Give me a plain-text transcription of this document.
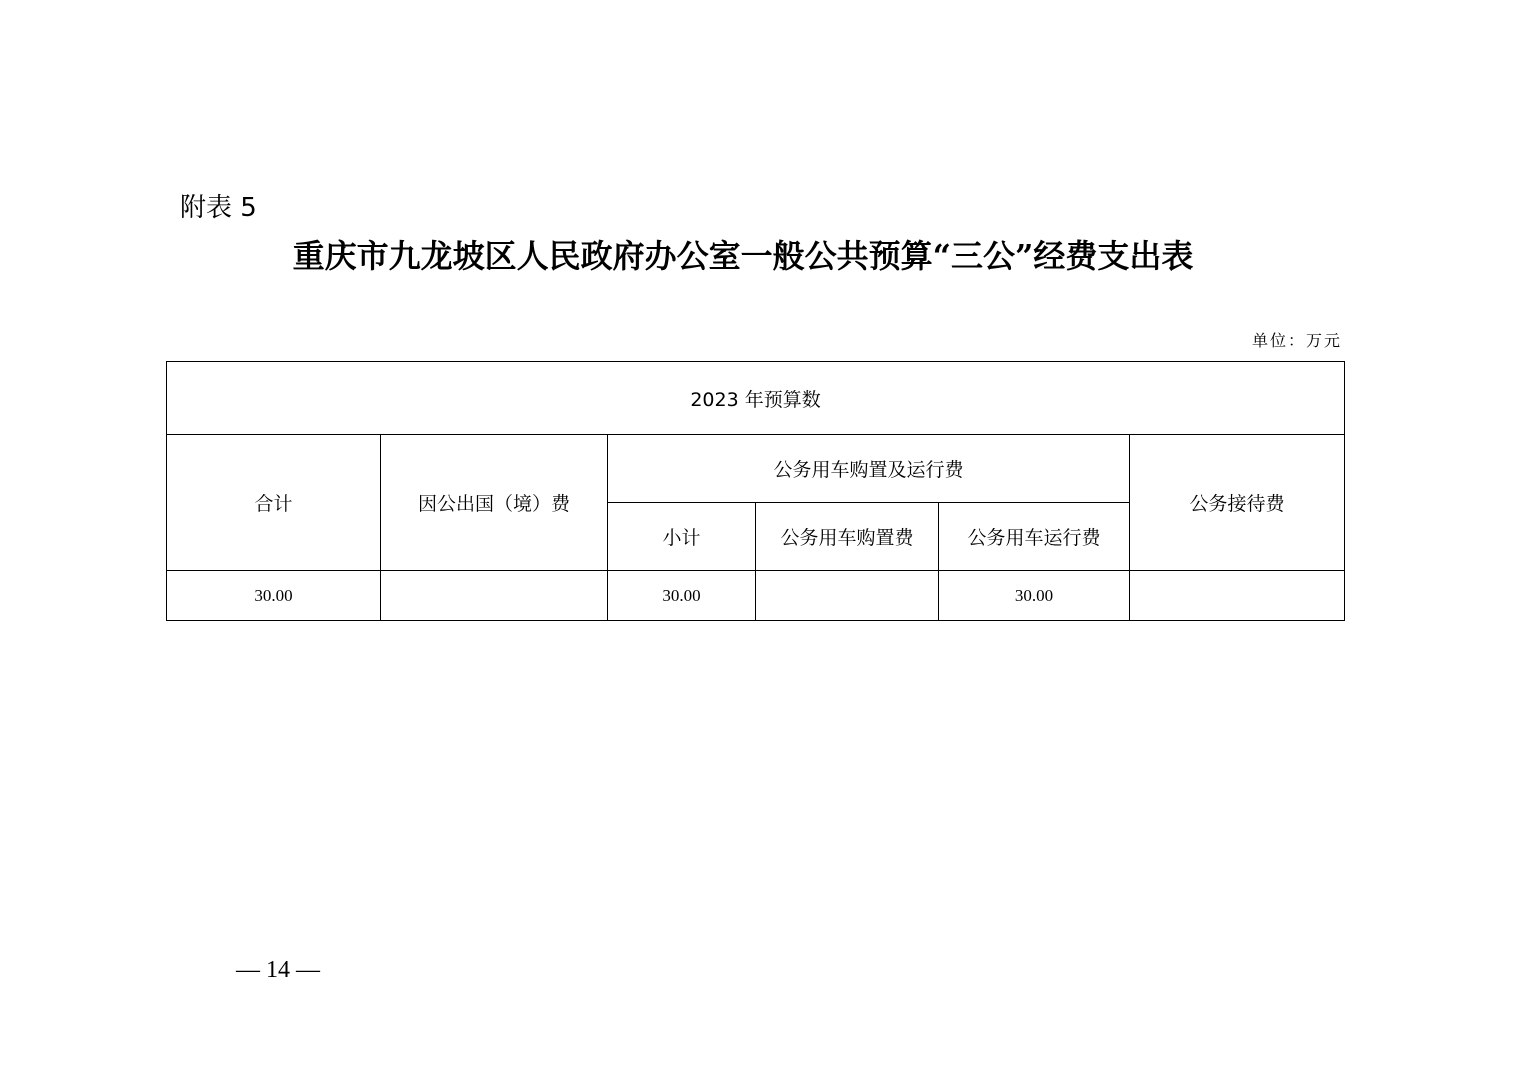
附表 5
重庆市九龙坡区人民政府办公室一般公共预算“三公”经费支出表
单位：万元
2023 年预算数					
合计	因公出国（境）费	公务用车购置及运行费			公务接待费
		小计	公务用车购置费	公务用车运行费	
30.00		30.00		30.00	
— 14 —
